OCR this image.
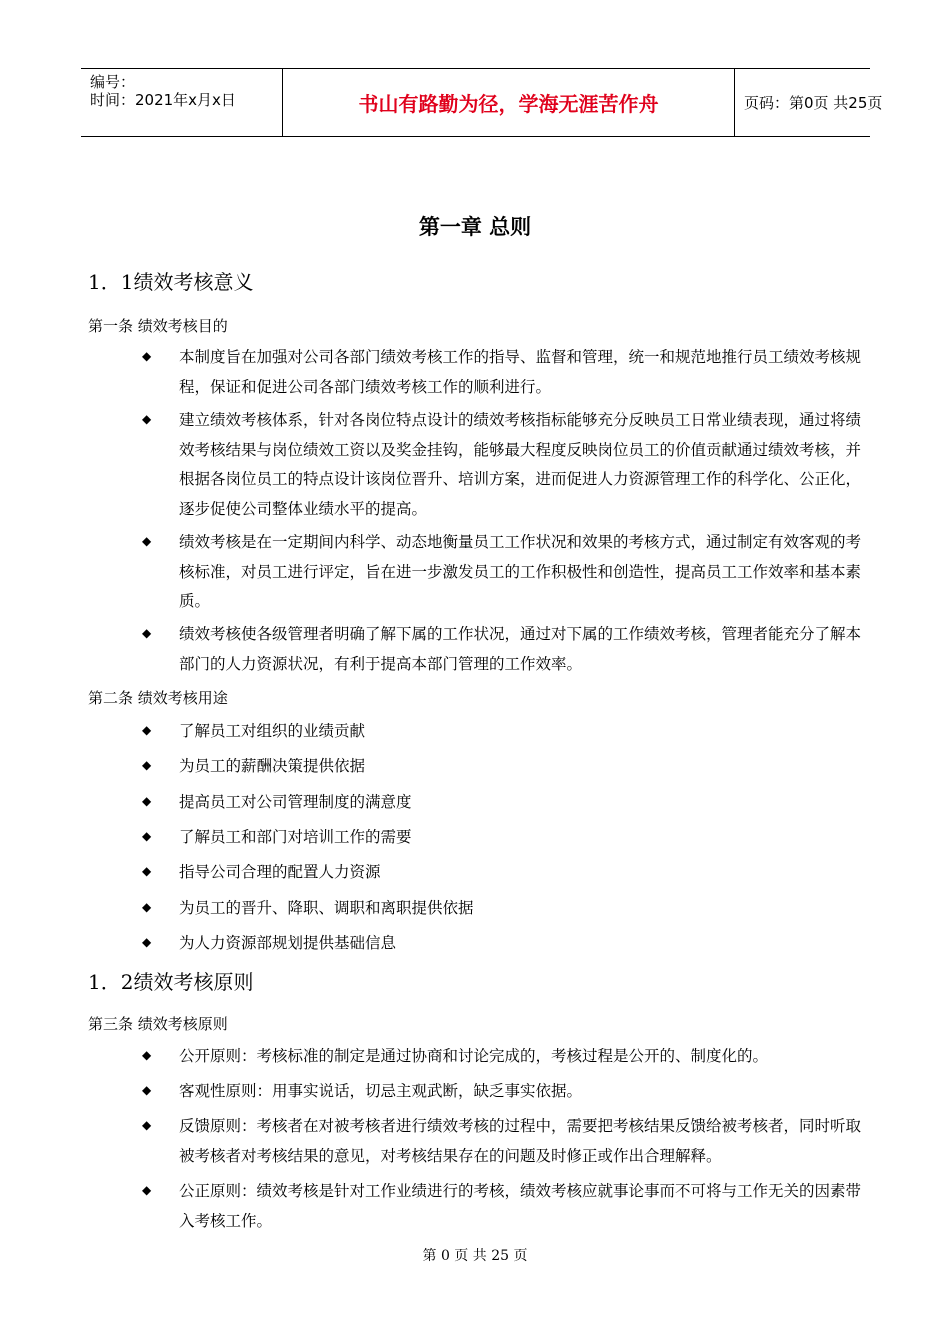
编号：
时间：2021年x月x日	书山有路勤为径，学海无涯苦作舟	页码：第0页 共25页
第一章 总则
1．1绩效考核意义
第一条 绩效考核目的
◆ 本制度旨在加强对公司各部门绩效考核工作的指导、监督和管理，统一和规范地推行员工绩效考核规程，保证和促进公司各部门绩效考核工作的顺利进行。
◆ 建立绩效考核体系，针对各岗位特点设计的绩效考核指标能够充分反映员工日常业绩表现，通过将绩效考核结果与岗位绩效工资以及奖金挂钩，能够最大程度反映岗位员工的价值贡献通过绩效考核，并根据各岗位员工的特点设计该岗位晋升、培训方案，进而促进人力资源管理工作的科学化、公正化，逐步促使公司整体业绩水平的提高。
◆ 绩效考核是在一定期间内科学、动态地衡量员工工作状况和效果的考核方式，通过制定有效客观的考核标准，对员工进行评定，旨在进一步激发员工的工作积极性和创造性，提高员工工作效率和基本素质。
◆ 绩效考核使各级管理者明确了解下属的工作状况，通过对下属的工作绩效考核，管理者能充分了解本部门的人力资源状况，有利于提高本部门管理的工作效率。
第二条 绩效考核用途
◆ 了解员工对组织的业绩贡献
◆ 为员工的薪酬决策提供依据
◆ 提高员工对公司管理制度的满意度
◆ 了解员工和部门对培训工作的需要
◆ 指导公司合理的配置人力资源
◆ 为员工的晋升、降职、调职和离职提供依据
◆ 为人力资源部规划提供基础信息
1．2绩效考核原则
第三条 绩效考核原则
◆ 公开原则：考核标准的制定是通过协商和讨论完成的，考核过程是公开的、制度化的。
◆ 客观性原则：用事实说话，切忌主观武断，缺乏事实依据。
◆ 反馈原则：考核者在对被考核者进行绩效考核的过程中，需要把考核结果反馈给被考核者，同时听取被考核者对考核结果的意见，对考核结果存在的问题及时修正或作出合理解释。
◆ 公正原则：绩效考核是针对工作业绩进行的考核，绩效考核应就事论事而不可将与工作无关的因素带入考核工作。
第 0 页 共 25 页
